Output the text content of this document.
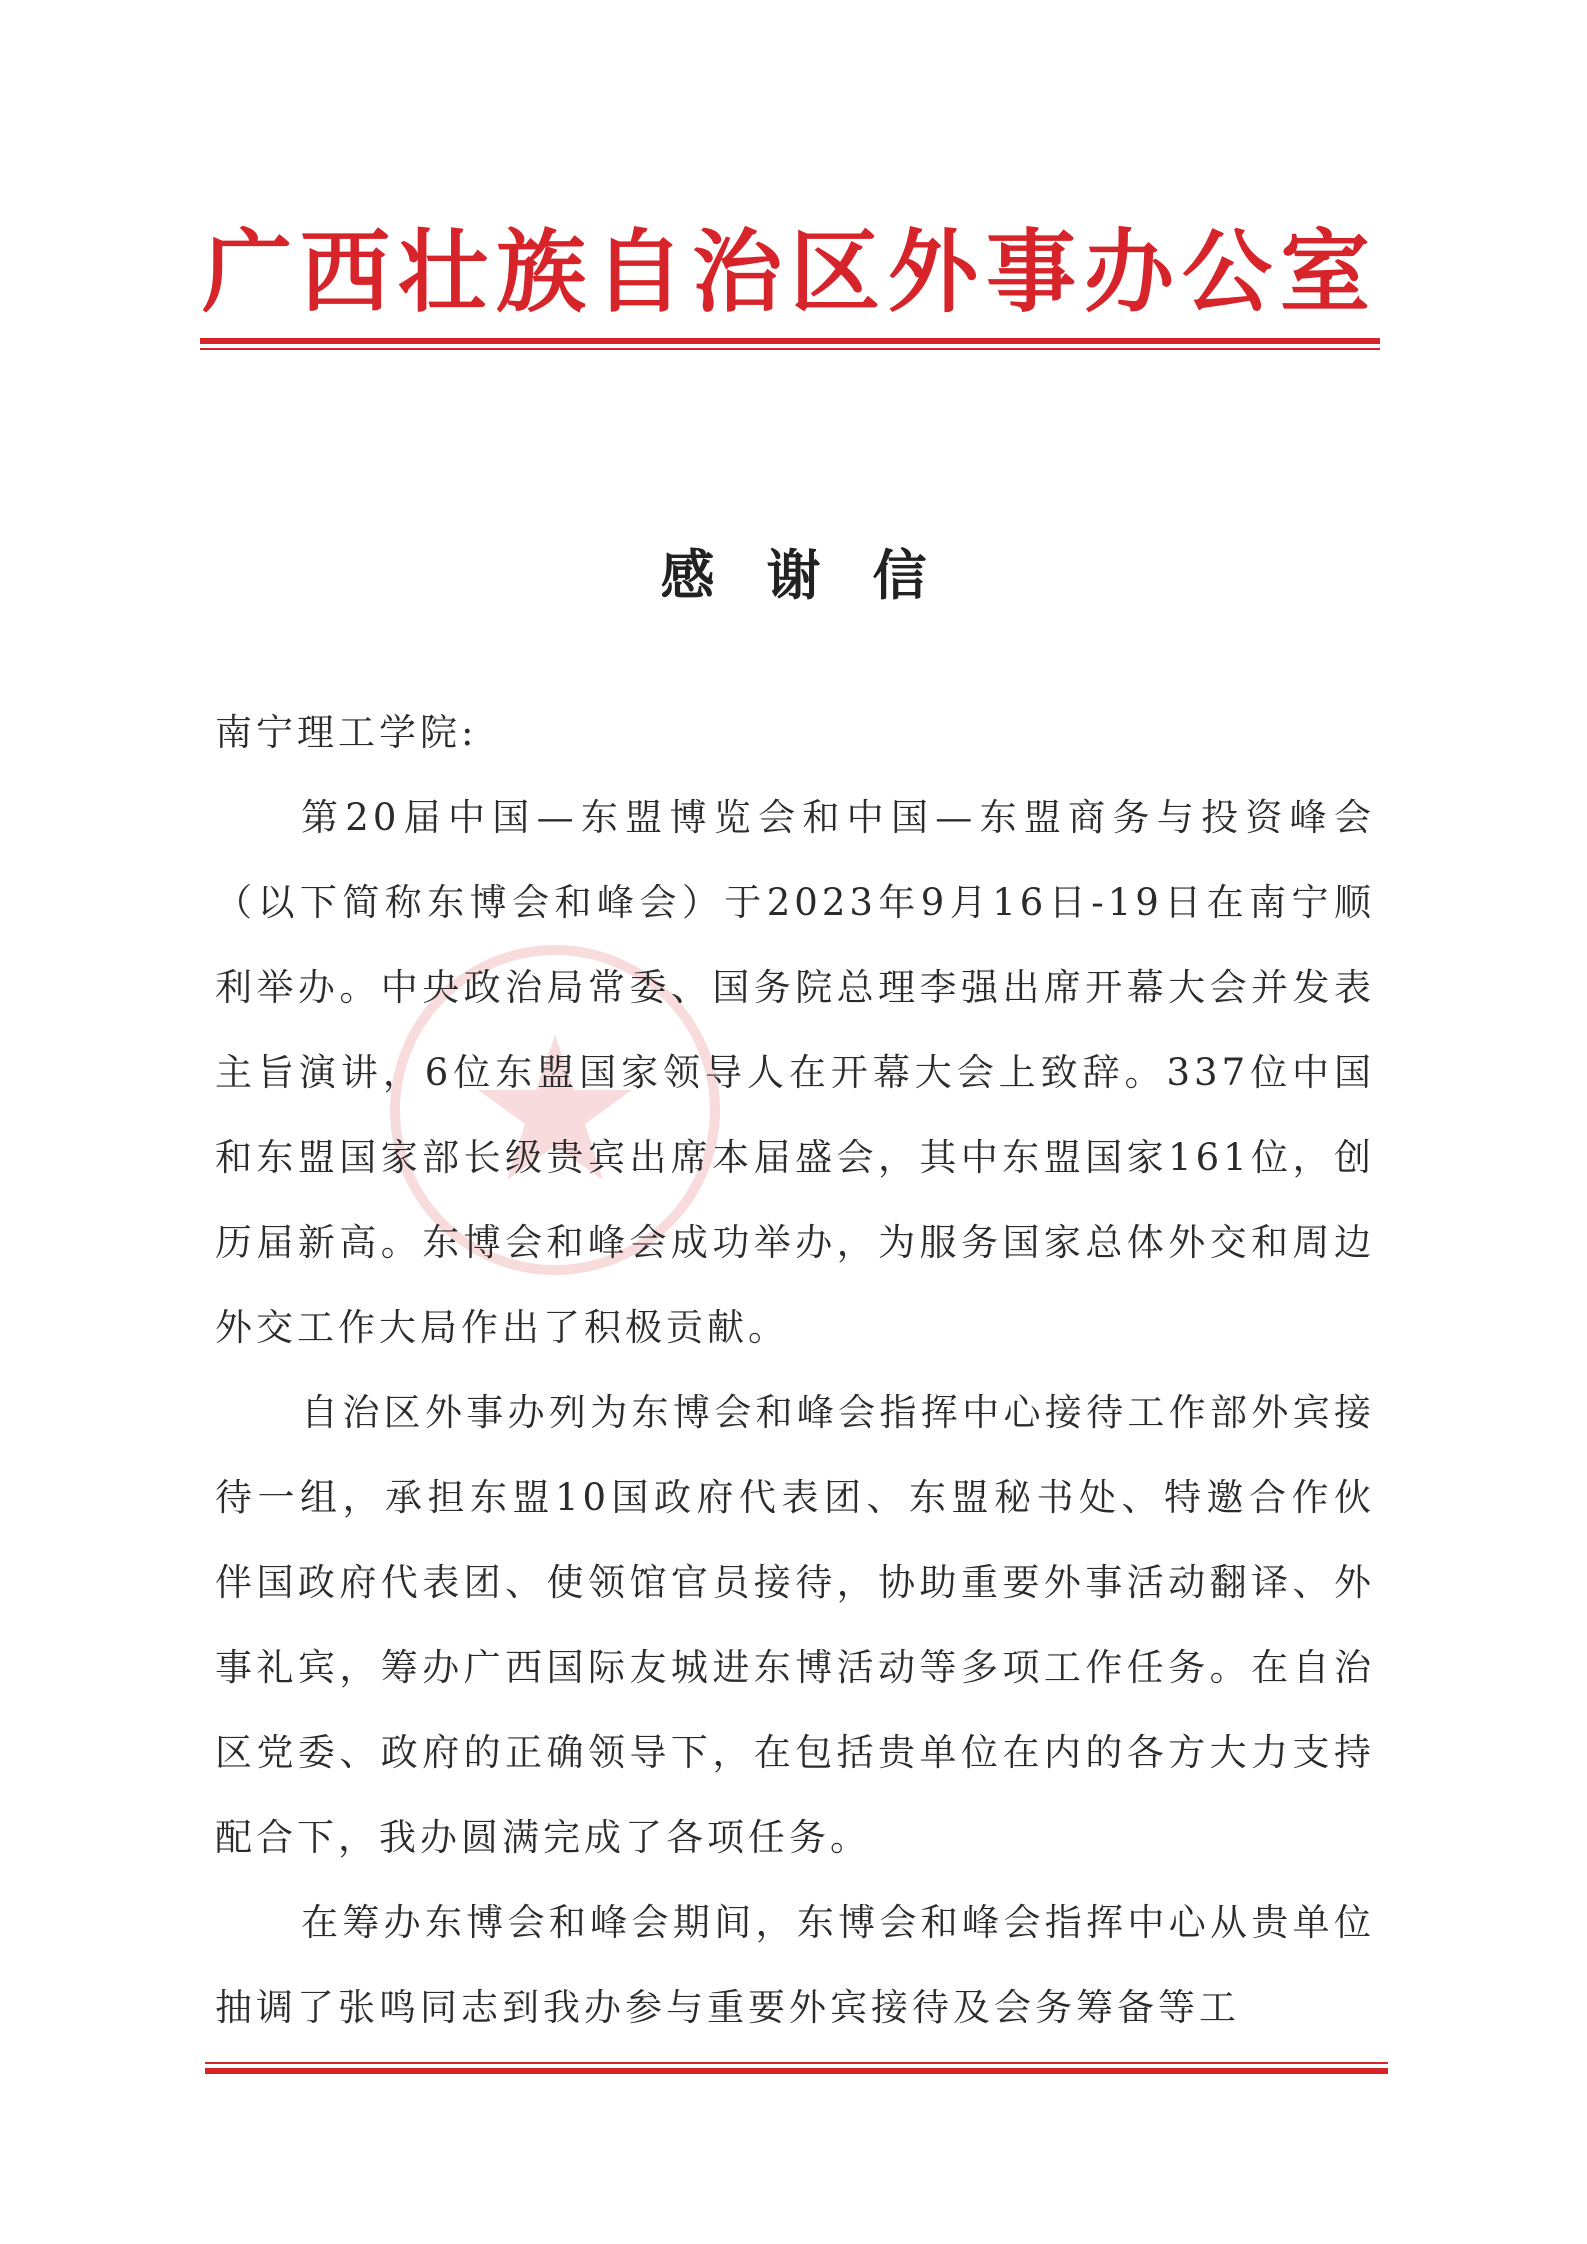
广西壮族自治区外事办公室
感谢信

南宁理工学院:

第20届中国—东盟博览会和中国—东盟商务与投资峰会（以下简称东博会和峰会）于2023年9月16日-19日在南宁顺利举办。中央政治局常委、国务院总理李强出席开幕大会并发表主旨演讲，6位东盟国家领导人在开幕大会上致辞。337位中国和东盟国家部长级贵宾出席本届盛会，其中东盟国家161位，创历届新高。东博会和峰会成功举办，为服务国家总体外交和周边外交工作大局作出了积极贡献。

自治区外事办列为东博会和峰会指挥中心接待工作部外宾接待一组，承担东盟10国政府代表团、东盟秘书处、特邀合作伙伴国政府代表团、使领馆官员接待，协助重要外事活动翻译、外事礼宾，筹办广西国际友城进东博活动等多项工作任务。在自治区党委、政府的正确领导下，在包括贵单位在内的各方大力支持配合下，我办圆满完成了各项任务。

在筹办东博会和峰会期间，东博会和峰会指挥中心从贵单位抽调了张鸣同志到我办参与重要外宾接待及会务筹备等工
